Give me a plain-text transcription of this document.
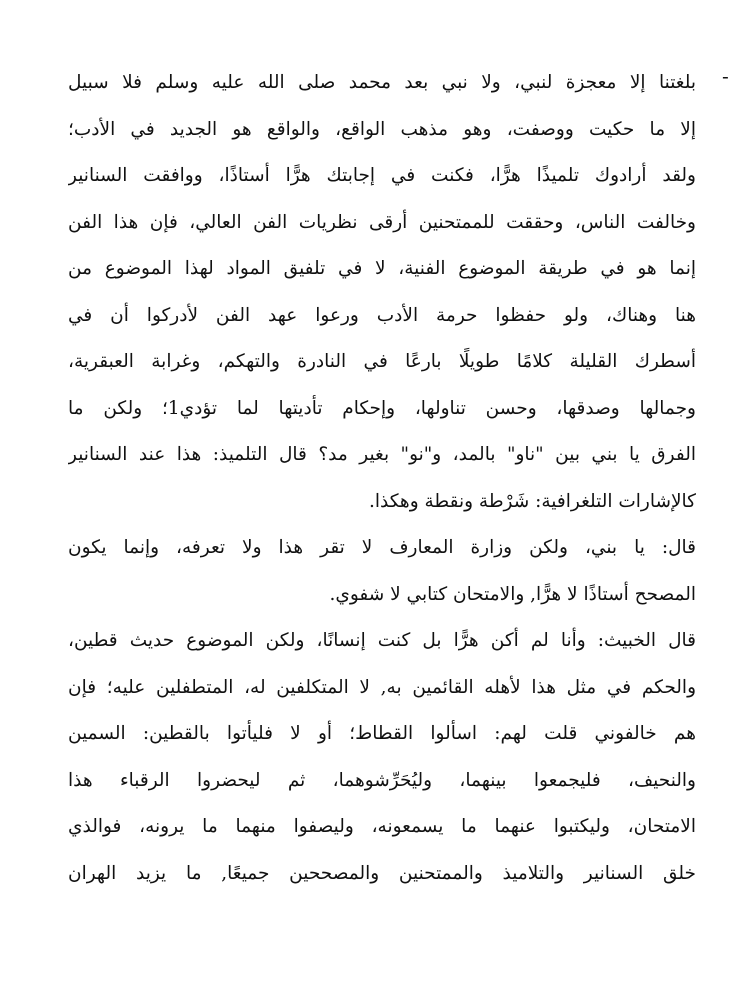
-
بلغتنا إلا معجزة لنبي، ولا نبي بعد محمد صلى الله عليه وسلم فلا سبيل
إلا ما حكيت ووصفت، وهو مذهب الواقع، والواقع هو الجديد في الأدب؛
ولقد أرادوك تلميذًا هرًّا، فكنت في إجابتك هرًّا أستاذًا، ووافقت السنانير
وخالفت الناس، وحققت للممتحنين أرقى نظريات الفن العالي، فإن هذا الفن
إنما هو في طريقة الموضوع الفنية، لا في تلفيق المواد لهذا الموضوع من
هنا وهناك، ولو حفظوا حرمة الأدب ورعوا عهد الفن لأدركوا أن في
أسطرك القليلة كلامًا طويلًا بارعًا في النادرة والتهكم، وغرابة العبقرية،
وجمالها وصدقها، وحسن تناولها، وإحكام تأديتها لما تؤدي1؛ ولكن ما
الفرق يا بني بين "ناو" بالمد، و"نو" بغير مد؟ قال التلميذ: هذا عند السنانير
كالإشارات التلغرافية: شَرْطة ونقطة وهكذا.
قال: يا بني، ولكن وزارة المعارف لا تقر هذا ولا تعرفه، وإنما يكون
المصحح أستاذًا لا هرًّا, والامتحان كتابي لا شفوي.
قال الخبيث: وأنا لم أكن هرًّا بل كنت إنسانًا، ولكن الموضوع حديث قطين،
والحكم في مثل هذا لأهله القائمين به, لا المتكلفين له، المتطفلين عليه؛ فإن
هم خالفوني قلت لهم: اسألوا القطاط؛ أو لا فليأتوا بالقطين: السمين
والنحيف، فليجمعوا بينهما، وليُحَرِّشوهما، ثم ليحضروا الرقباء هذا
الامتحان، وليكتبوا عنهما ما يسمعونه، وليصفوا منهما ما يرونه، فوالذي
خلق السنانير والتلاميذ والممتحنين والمصححين جميعًا, ما يزيد الهران
